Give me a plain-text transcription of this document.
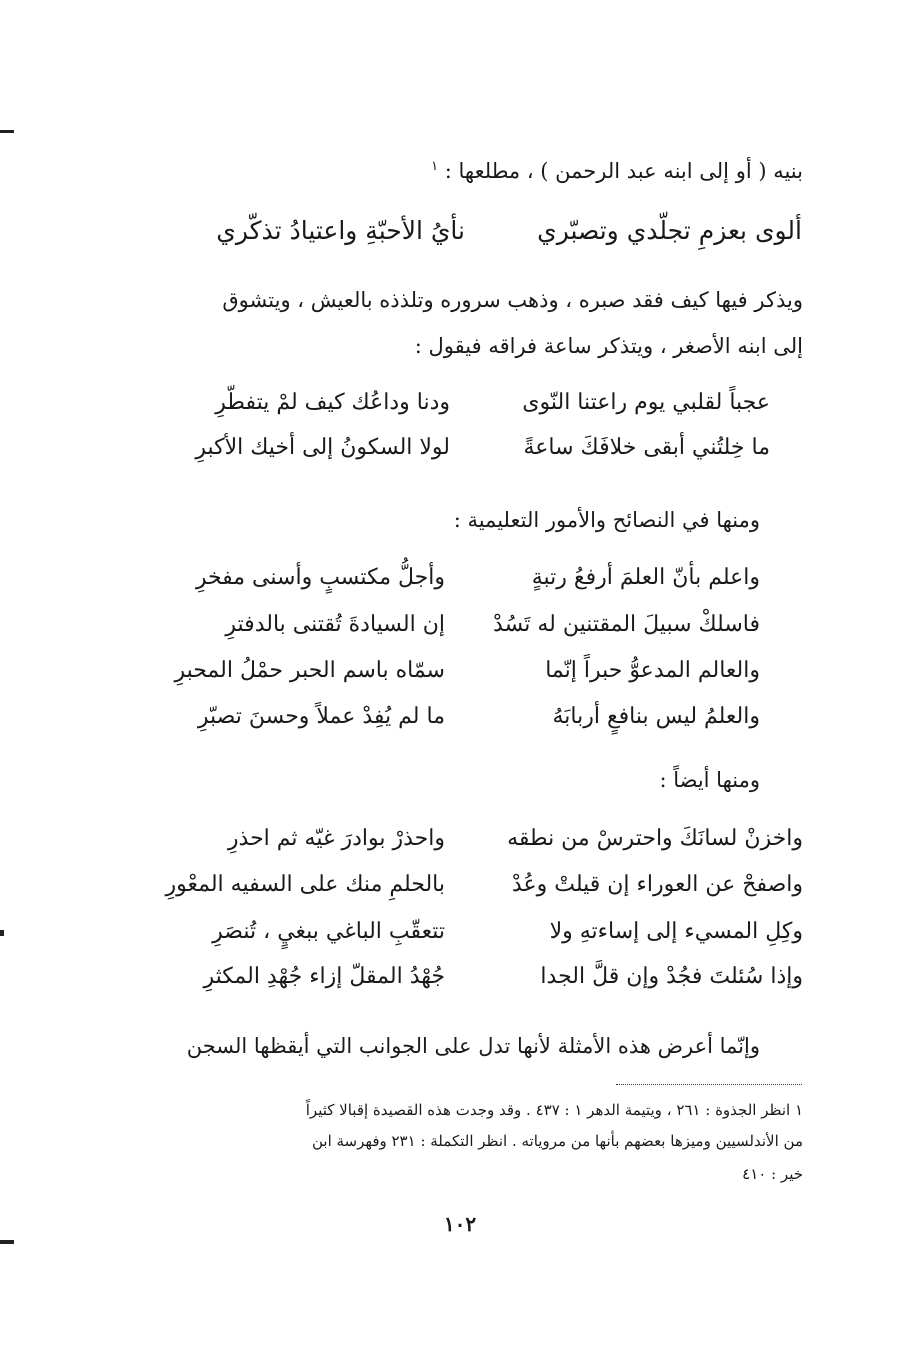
بنيه ( أو إلى ابنه عبد الرحمن ) ، مطلعها : $^١$
ألوى بعزمِ تجلّدي وتصبّري
نأيُ الأحبّةِ واعتيادُ تذكّري
ويذكر فيها كيف فقد صبره ، وذهب سروره وتلذذه بالعيش ، ويتشوق
إلى ابنه الأصغر ، ويتذكر ساعة فراقه فيقول :
عجباً لقلبي يوم راعتنا النّوى
ودنا وداعُك كيف لمْ يتفطّرِ
ما خِلتُني أبقى خلافَكَ ساعةً
لولا السكونُ إلى أخيك الأكبرِ
ومنها في النصائح والأمور التعليمية :
واعلم بأنّ العلمَ أرفعُ رتبةٍ
وأجلُّ مكتسبٍ وأسنى مفخرِ
فاسلكْ سبيلَ المقتنين له تَسُدْ
إن السيادةَ تُقتنى بالدفترِ
والعالم المدعوُّ حبراً إنّما
سمّاه باسم الحبر حمْلُ المحبرِ
والعلمُ ليس بنافعٍ أربابَهُ
ما لم يُفِدْ عملاً وحسنَ تصبّرِ
ومنها أيضاً :
واخزنْ لسانَكَ واحترسْ من نطقه
واحذرْ بوادرَ غيّه ثم احذرِ
واصفحْ عن العوراء إن قيلتْ وعُدْ
بالحلمِ منك على السفيه المعْورِ
وكِلِ المسيء إلى إساءتهِ ولا
تتعقّبِ الباغي ببغيٍ ، تُنصَرِ
وإذا سُئلتَ فجُدْ وإن قلَّ الجدا
جُهْدُ المقلّ إزاء جُهْدِ المكثرِ
وإنّما أعرض هذه الأمثلة لأنها تدل على الجوانب التي أيقظها السجن
١ انظر الجذوة : ٢٦١ ، ويتيمة الدهر ١ : ٤٣٧ . وقد وجدت هذه القصيدة إقبالا كثيراً
من الأندلسيين وميزها بعضهم بأنها من مروياته . انظر التكملة : ٢٣١ وفهرسة ابن
خير : ٤١٠
١٠٢
